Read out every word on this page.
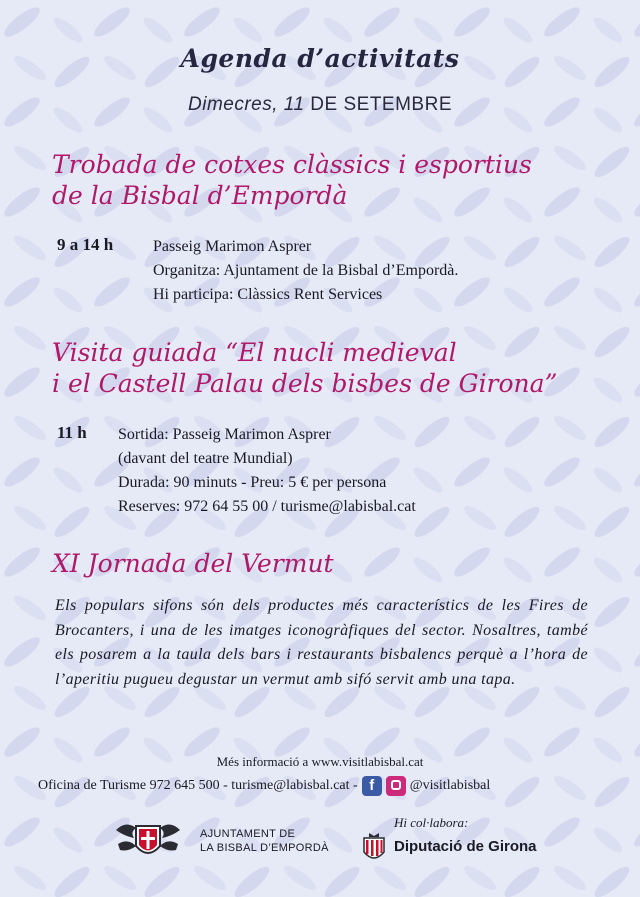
Agenda d’activitats
Dimecres, 11 DE SETEMBRE
Trobada de cotxes clàssics i esportius
de la Bisbal d’Empordà
9 a 14 h Passeig Marimon Asprer
Organitza: Ajuntament de la Bisbal d’Empordà.
Hi participa: Clàssics Rent Services
Visita guiada “El nucli medieval
i el Castell Palau dels bisbes de Girona”
11 h Sortida: Passeig Marimon Asprer
(davant del teatre Mundial)
Durada: 90 minuts - Preu: 5 € per persona
Reserves: 972 64 55 00 / turisme@labisbal.cat
XI Jornada del Vermut
Els populars sifons són dels productes més característics de les Fires de Brocanters, i una de les imatges iconogràfiques del sector. Nosaltres, també els posarem a la taula dels bars i restaurants bisbalencs perquè a l’hora de l’aperitiu pugueu degustar un vermut amb sifó servit amb una tapa.
Més informació a www.visitlabisbal.cat
Oficina de Turisme 972 645 500 - turisme@labisbal.cat - f	@visitlabisbal
AJUNTAMENT DE
LA BISBAL D’EMPORDÀ
Hi col·labora:
Diputació de Girona
